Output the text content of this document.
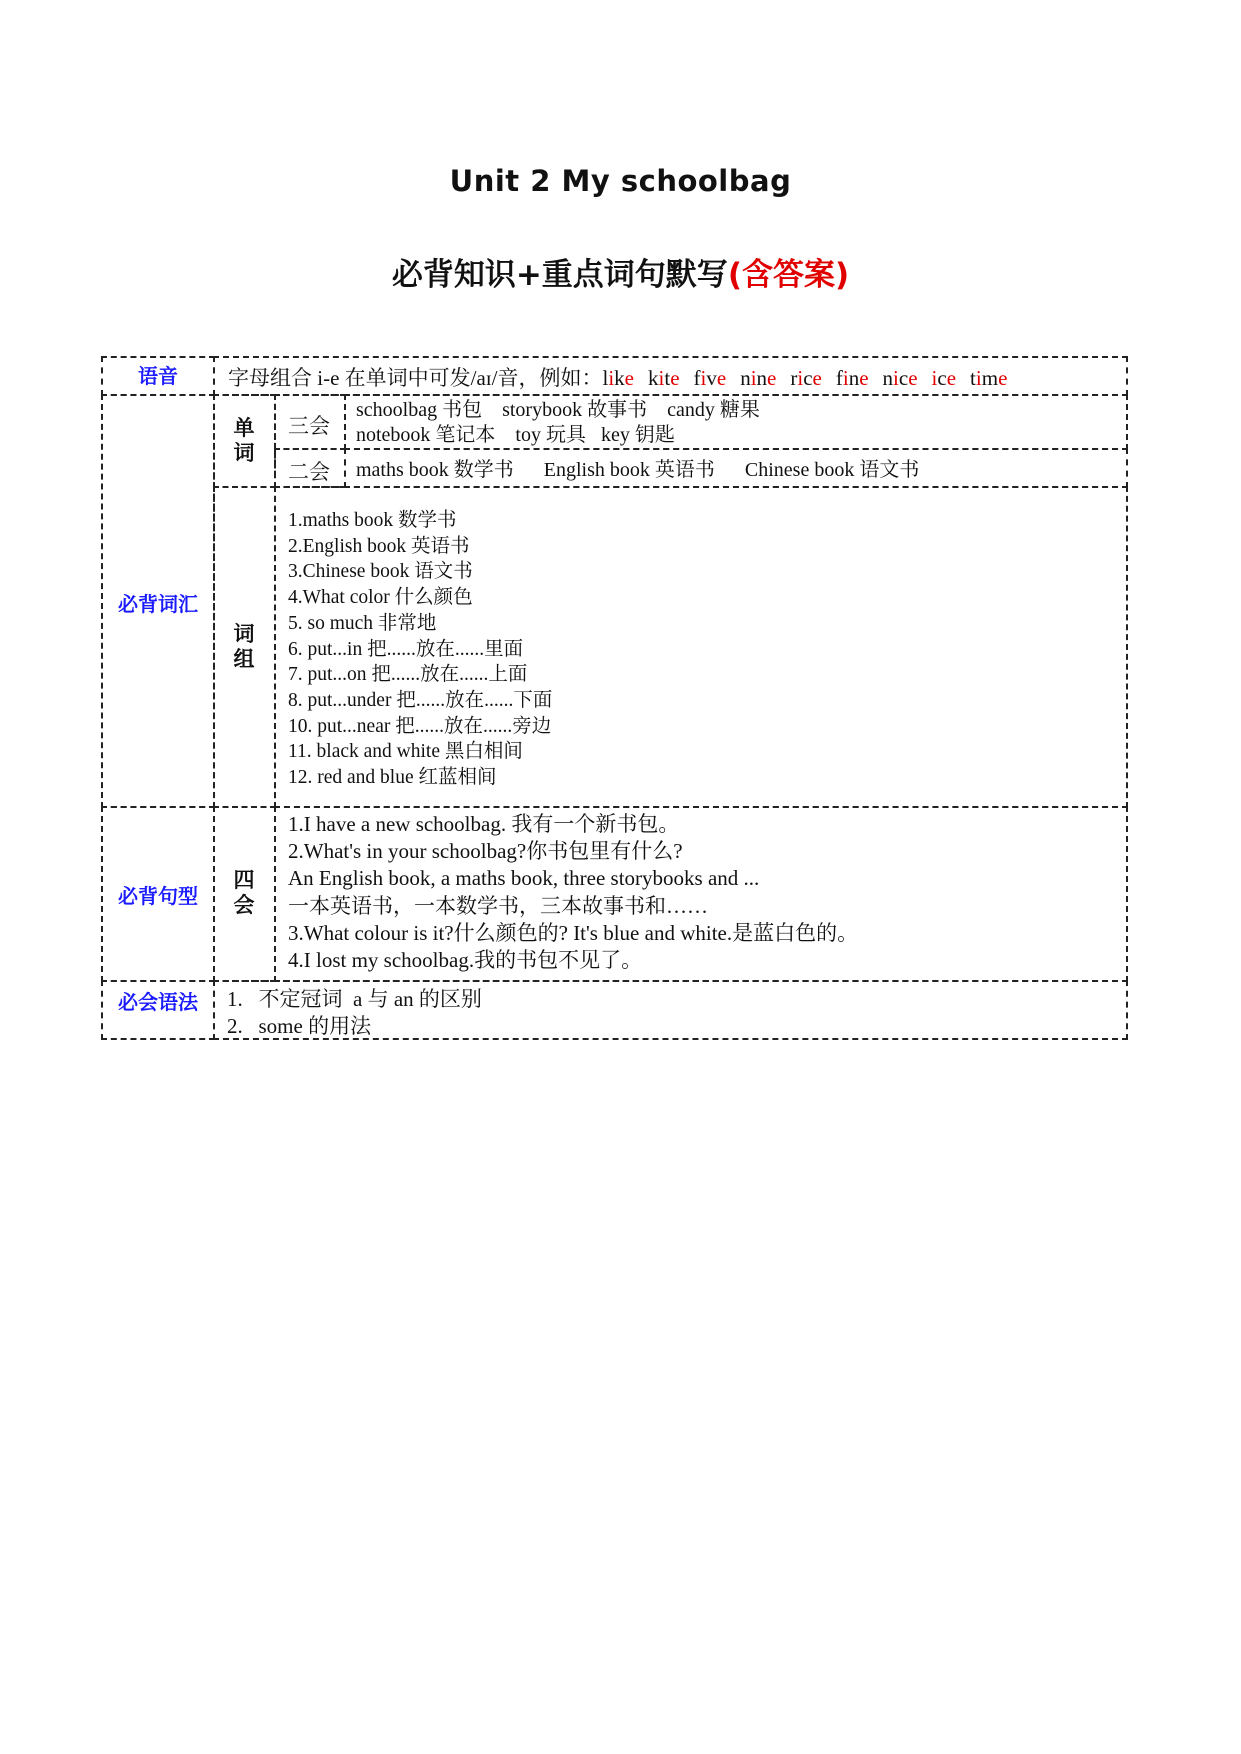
Unit 2 My schoolbag
必背知识+重点词句默写(含答案)
语音	字母组合 i-e 在单词中可发/aɪ/音，例如：like kite five nine rice fine nice ice time
必背词汇
单
词
三会
schoolbag 书包    storybook 故事书    candy 糖果
notebook 笔记本    toy 玩具   key 钥匙
二会 maths book 数学书      English book 英语书      Chinese book 语文书
词
组
1.maths book 数学书
2.English book 英语书
3.Chinese book 语文书
4.What color 什么颜色
5. so much 非常地
6. put...in 把......放在......里面
7. put...on 把......放在......上面
8. put...under 把......放在......下面
10. put...near 把......放在......旁边
11. black and white 黑白相间
12. red and blue 红蓝相间
必背句型
四
会
1.I have a new schoolbag. 我有一个新书包。
2.What's in your schoolbag?你书包里有什么?
An English book, a maths book, three storybooks and ...
一本英语书，一本数学书，三本故事书和……
3.What colour is it?什么颜色的? It's blue and white.是蓝白色的。
4.I lost my schoolbag.我的书包不见了。
必会语法	1.   不定冠词  a 与 an 的区别
2.   some 的用法
